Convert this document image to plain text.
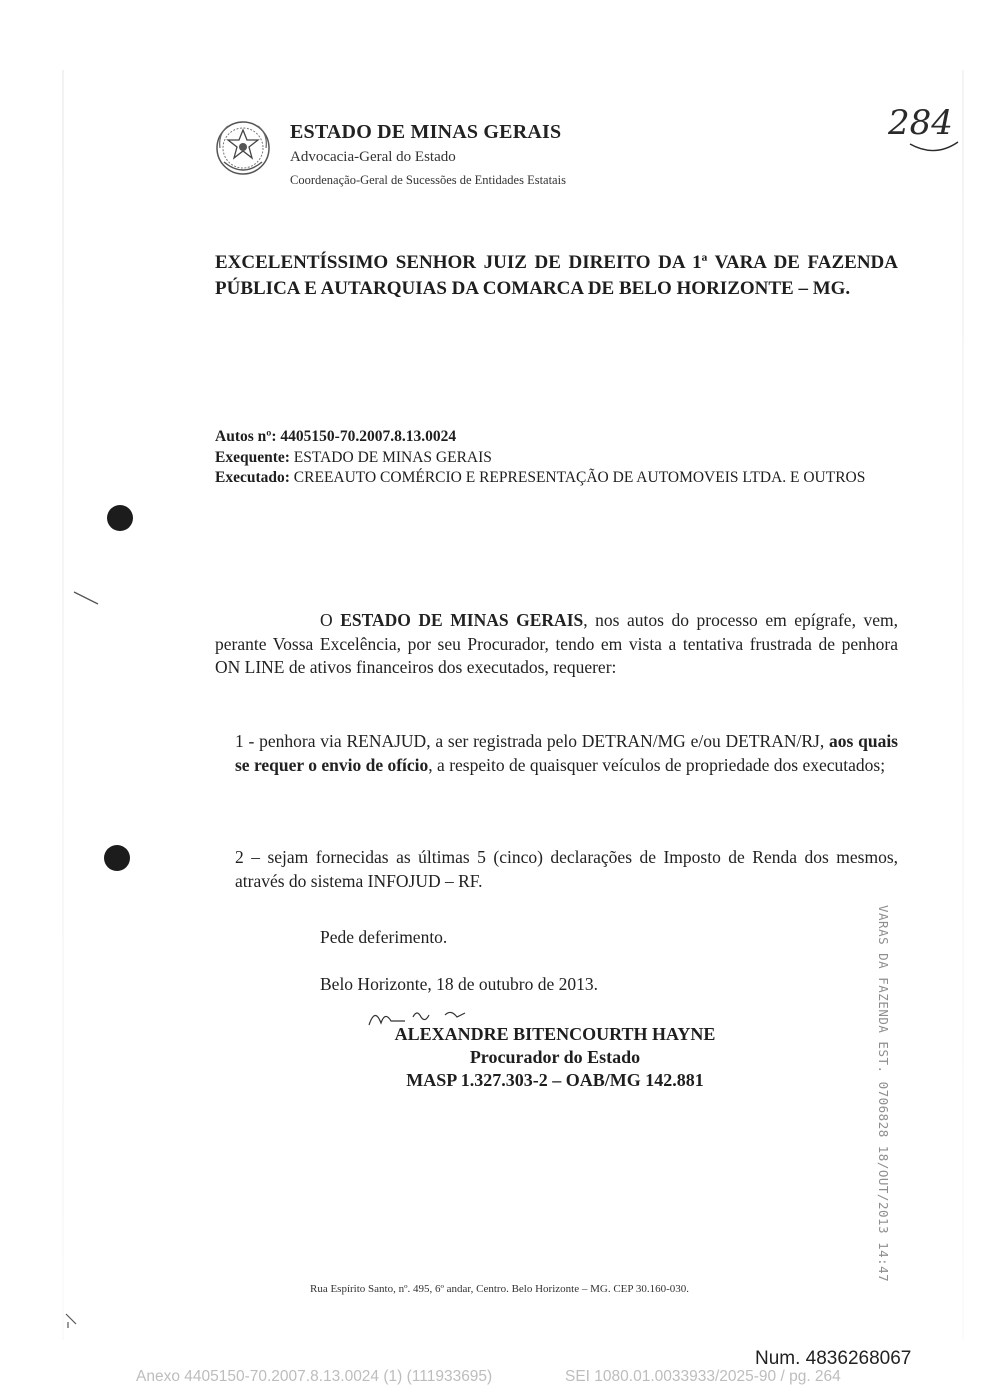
ESTADO DE MINAS GERAIS
Advocacia-Geral do Estado
Coordenação-Geral de Sucessões de Entidades Estatais
284
EXCELENTÍSSIMO SENHOR JUIZ DE DIREITO DA 1ª VARA DE FAZENDA PÚBLICA E AUTARQUIAS DA COMARCA DE BELO HORIZONTE – MG.
Autos nº: 4405150-70.2007.8.13.0024
Exequente: ESTADO DE MINAS GERAIS
Executado: CREEAUTO COMÉRCIO E REPRESENTAÇÃO DE AUTOMOVEIS LTDA. E OUTROS
O ESTADO DE MINAS GERAIS, nos autos do processo em epígrafe, vem, perante Vossa Excelência, por seu Procurador, tendo em vista a tentativa frustrada de penhora ON LINE de ativos financeiros dos executados, requerer:
1 - penhora via RENAJUD, a ser registrada pelo DETRAN/MG e/ou DETRAN/RJ, aos quais se requer o envio de ofício, a respeito de quaisquer veículos de propriedade dos executados;
2 – sejam fornecidas as últimas 5 (cinco) declarações de Imposto de Renda dos mesmos, através do sistema INFOJUD – RF.
Pede deferimento.
Belo Horizonte, 18 de outubro de 2013.
ALEXANDRE BITENCOURTH HAYNE
Procurador do Estado
MASP 1.327.303-2 – OAB/MG 142.881	VARAS DA FAZENDA EST. 0706828 18/OUT/2013 14:47
Rua Espírito Santo, nº. 495, 6º andar, Centro. Belo Horizonte – MG. CEP 30.160-030.
Num. 4836268067
Anexo 4405150-70.2007.8.13.0024 (1) (111933695)	SEI 1080.01.0033933/2025-90 / pg. 264
